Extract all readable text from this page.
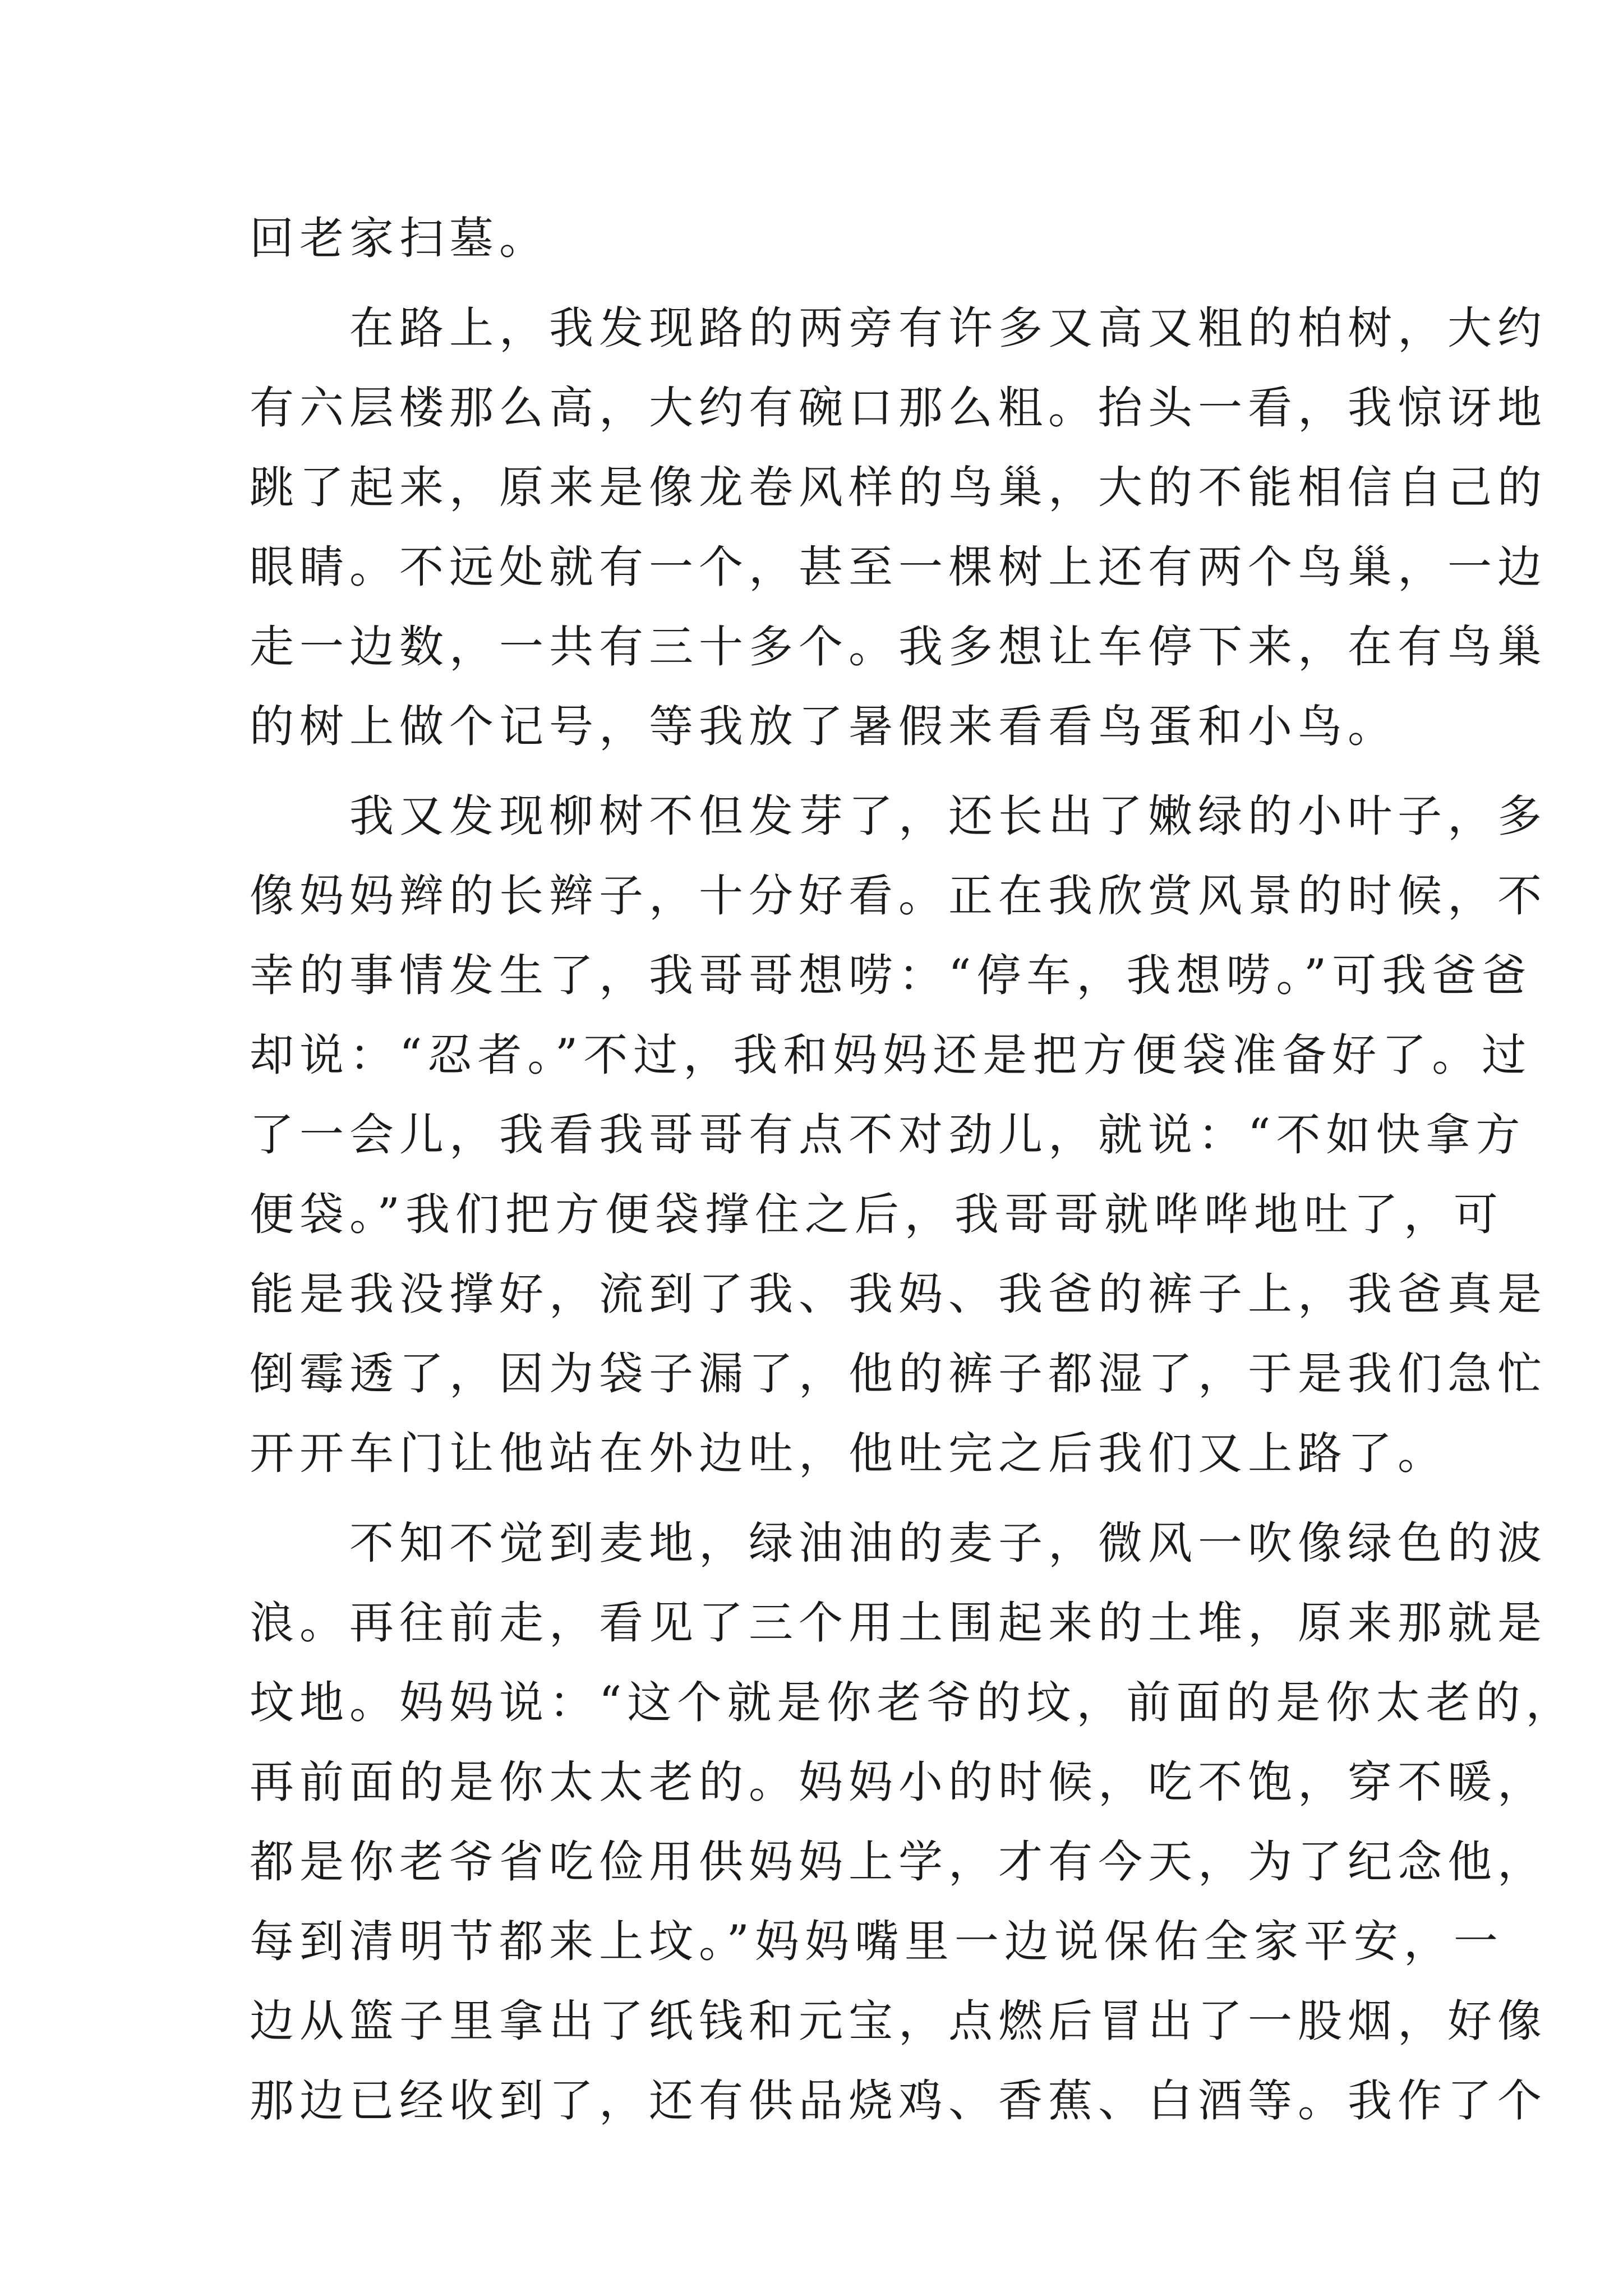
回老家扫墓。
　　在路上，我发现路的两旁有许多又高又粗的柏树，大约
有六层楼那么高，大约有碗口那么粗。抬头一看，我惊讶地
跳了起来，原来是像龙卷风样的鸟巢，大的不能相信自己的
眼睛。不远处就有一个，甚至一棵树上还有两个鸟巢，一边
走一边数，一共有三十多个。我多想让车停下来，在有鸟巢
的树上做个记号，等我放了暑假来看看鸟蛋和小鸟。
　　我又发现柳树不但发芽了，还长出了嫩绿的小叶子，多
像妈妈辫的长辫子，十分好看。正在我欣赏风景的时候，不
幸的事情发生了，我哥哥想唠：“停车，我想唠。”可我爸爸
却说：“忍者。”不过，我和妈妈还是把方便袋准备好了。过
了一会儿，我看我哥哥有点不对劲儿，就说：“不如快拿方
便袋。”我们把方便袋撑住之后，我哥哥就哗哗地吐了，可
能是我没撑好，流到了我、我妈、我爸的裤子上，我爸真是
倒霉透了，因为袋子漏了，他的裤子都湿了，于是我们急忙
开开车门让他站在外边吐，他吐完之后我们又上路了。
　　不知不觉到麦地，绿油油的麦子，微风一吹像绿色的波
浪。再往前走，看见了三个用土围起来的土堆，原来那就是
坟地。妈妈说：“这个就是你老爷的坟，前面的是你太老的，
再前面的是你太太老的。妈妈小的时候，吃不饱，穿不暖，
都是你老爷省吃俭用供妈妈上学，才有今天，为了纪念他，
每到清明节都来上坟。”妈妈嘴里一边说保佑全家平安，一
边从篮子里拿出了纸钱和元宝，点燃后冒出了一股烟，好像
那边已经收到了，还有供品烧鸡、香蕉、白酒等。我作了个
